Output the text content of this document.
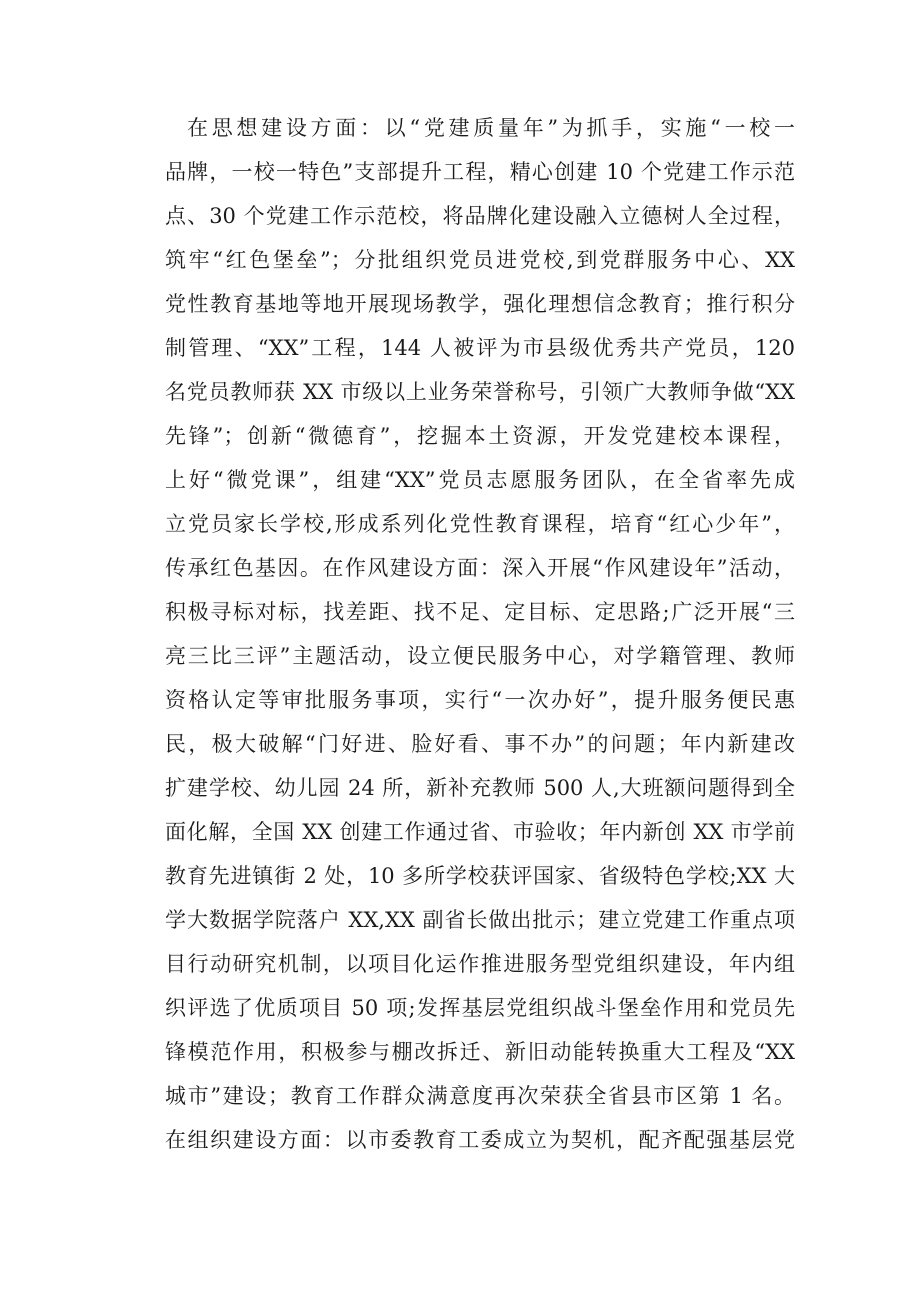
在思想建设方面：以“党建质量年”为抓手，实施“一校一
品牌，一校一特色”支部提升工程，精心创建 10 个党建工作示范
点、30 个党建工作示范校，将品牌化建设融入立德树人全过程，
筑牢“红色堡垒”；分批组织党员进党校,到党群服务中心、XX
党性教育基地等地开展现场教学，强化理想信念教育；推行积分
制管理、“XX”工程，144 人被评为市县级优秀共产党员，120
名党员教师获 XX 市级以上业务荣誉称号，引领广大教师争做“XX
先锋”；创新“微德育”，挖掘本土资源，开发党建校本课程，
上好“微党课”，组建“XX”党员志愿服务团队，在全省率先成
立党员家长学校,形成系列化党性教育课程，培育“红心少年”，
传承红色基因。在作风建设方面：深入开展“作风建设年”活动，
积极寻标对标，找差距、找不足、定目标、定思路;广泛开展“三
亮三比三评”主题活动，设立便民服务中心，对学籍管理、教师
资格认定等审批服务事项，实行“一次办好”，提升服务便民惠
民，极大破解“门好进、脸好看、事不办”的问题；年内新建改
扩建学校、幼儿园 24 所，新补充教师 500 人,大班额问题得到全
面化解，全国 XX 创建工作通过省、市验收；年内新创 XX 市学前
教育先进镇街 2 处，10 多所学校获评国家、省级特色学校;XX 大
学大数据学院落户 XX,XX 副省长做出批示；建立党建工作重点项
目行动研究机制，以项目化运作推进服务型党组织建设，年内组
织评选了优质项目 50 项;发挥基层党组织战斗堡垒作用和党员先
锋模范作用，积极参与棚改拆迁、新旧动能转换重大工程及“XX
城市”建设；教育工作群众满意度再次荣获全省县市区第 1 名。
在组织建设方面：以市委教育工委成立为契机，配齐配强基层党
